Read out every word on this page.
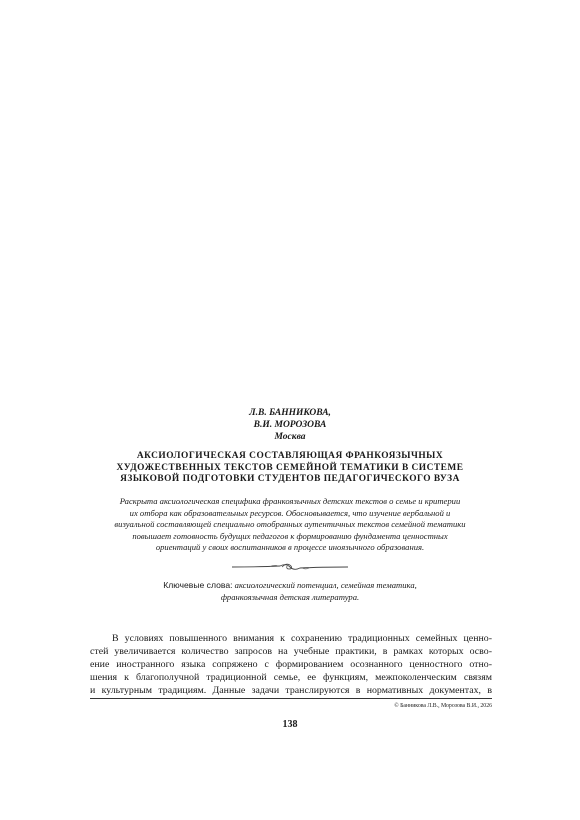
Л.В. БАННИКОВА,
В.И. МОРОЗОВА
Москва
АКСИОЛОГИЧЕСКАЯ СОСТАВЛЯЮЩАЯ ФРАНКОЯЗЫЧНЫХ
ХУДОЖЕСТВЕННЫХ ТЕКСТОВ СЕМЕЙНОЙ ТЕМАТИКИ В СИСТЕМЕ
ЯЗЫКОВОЙ ПОДГОТОВКИ СТУДЕНТОВ ПЕДАГОГИЧЕСКОГО ВУЗА
Раскрыта аксиологическая специфика франкоязычных детских текстов о семье и критерии
их отбора как образовательных ресурсов. Обосновывается, что изучение вербальной и
визуальной составляющей специально отобранных аутентичных текстов семейной тематики
повышает готовность будущих педагогов к формированию фундамента ценностных
ориентаций у своих воспитанников в процессе иноязычного образования.
Ключевые слова: аксиологический потенциал, семейная тематика,
франкоязычная детская литература.
В условиях повышенного внимания к сохранению традиционных семейных ценно-
стей увеличивается количество запросов на учебные практики, в рамках которых осво-
ение иностранного языка сопряжено с формированием осознанного ценностного отно-
шения к благополучной традиционной семье, ее функциям, межпоколенческим связям
и культурным традициям. Данные задачи транслируются в нормативных документах, в
© Банникова Л.В., Морозова В.И., 2026
138
